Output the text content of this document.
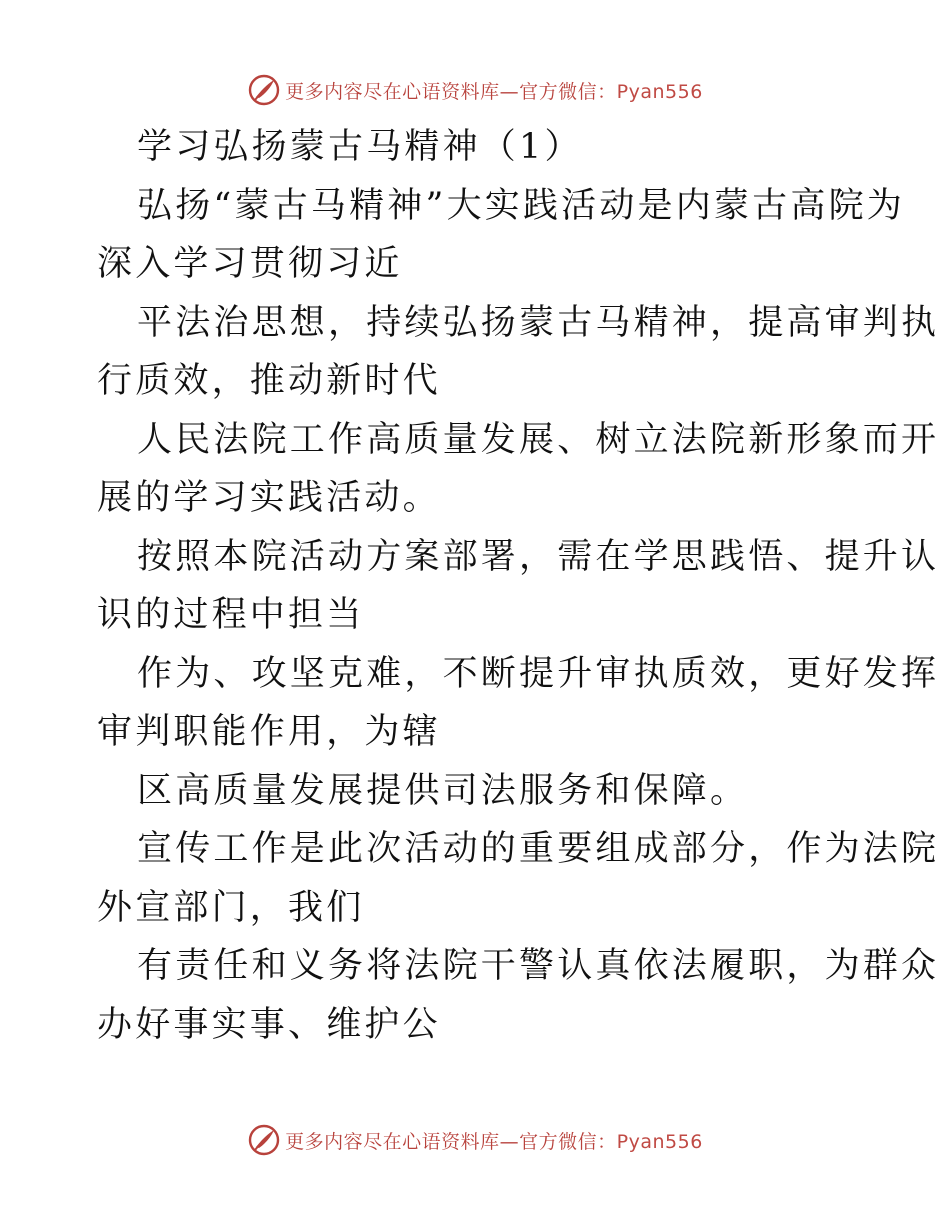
更多内容尽在心语资料库—官方微信：Pyan556
学习弘扬蒙古马精神（1）
弘扬“蒙古马精神”大实践活动是内蒙古高院为
深入学习贯彻习近
平法治思想，持续弘扬蒙古马精神，提高审判执
行质效，推动新时代
人民法院工作高质量发展、树立法院新形象而开
展的学习实践活动。
按照本院活动方案部署，需在学思践悟、提升认
识的过程中担当
作为、攻坚克难，不断提升审执质效，更好发挥
审判职能作用，为辖
区高质量发展提供司法服务和保障。
宣传工作是此次活动的重要组成部分，作为法院
外宣部门，我们
有责任和义务将法院干警认真依法履职，为群众
办好事实事、维护公
更多内容尽在心语资料库—官方微信：Pyan556
